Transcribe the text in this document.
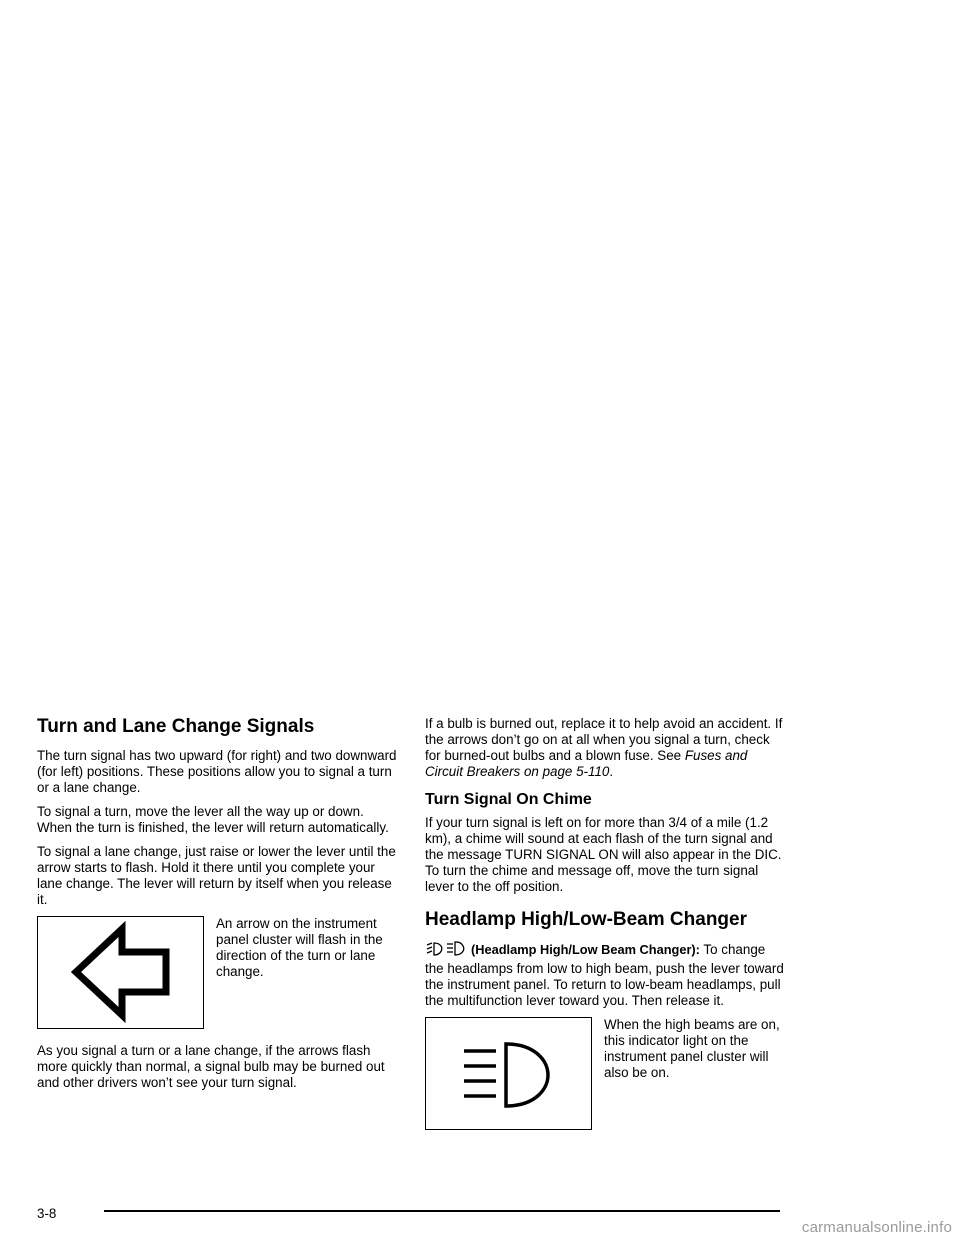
Turn and Lane Change Signals

The turn signal has two upward (for right) and two downward (for left) positions. These positions allow you to signal a turn or a lane change.

To signal a turn, move the lever all the way up or down. When the turn is finished, the lever will return automatically.

To signal a lane change, just raise or lower the lever until the arrow starts to flash. Hold it there until you complete your lane change. The lever will return by itself when you release it.

An arrow on the instrument panel cluster will flash in the direction of the turn or lane change.

As you signal a turn or a lane change, if the arrows flash more quickly than normal, a signal bulb may be burned out and other drivers won’t see your turn signal.

If a bulb is burned out, replace it to help avoid an accident. If the arrows don’t go on at all when you signal a turn, check for burned-out bulbs and a blown fuse. See Fuses and Circuit Breakers on page 5-110.

Turn Signal On Chime

If your turn signal is left on for more than 3/4 of a mile (1.2 km), a chime will sound at each flash of the turn signal and the message TURN SIGNAL ON will also appear in the DIC. To turn the chime and message off, move the turn signal lever to the off position.

Headlamp High/Low-Beam Changer

(Headlamp High/Low Beam Changer): To change the headlamps from low to high beam, push the lever toward the instrument panel. To return to low-beam headlamps, pull the multifunction lever toward you. Then release it.

When the high beams are on, this indicator light on the instrument panel cluster will also be on.
3-8
carmanualsonline.info
